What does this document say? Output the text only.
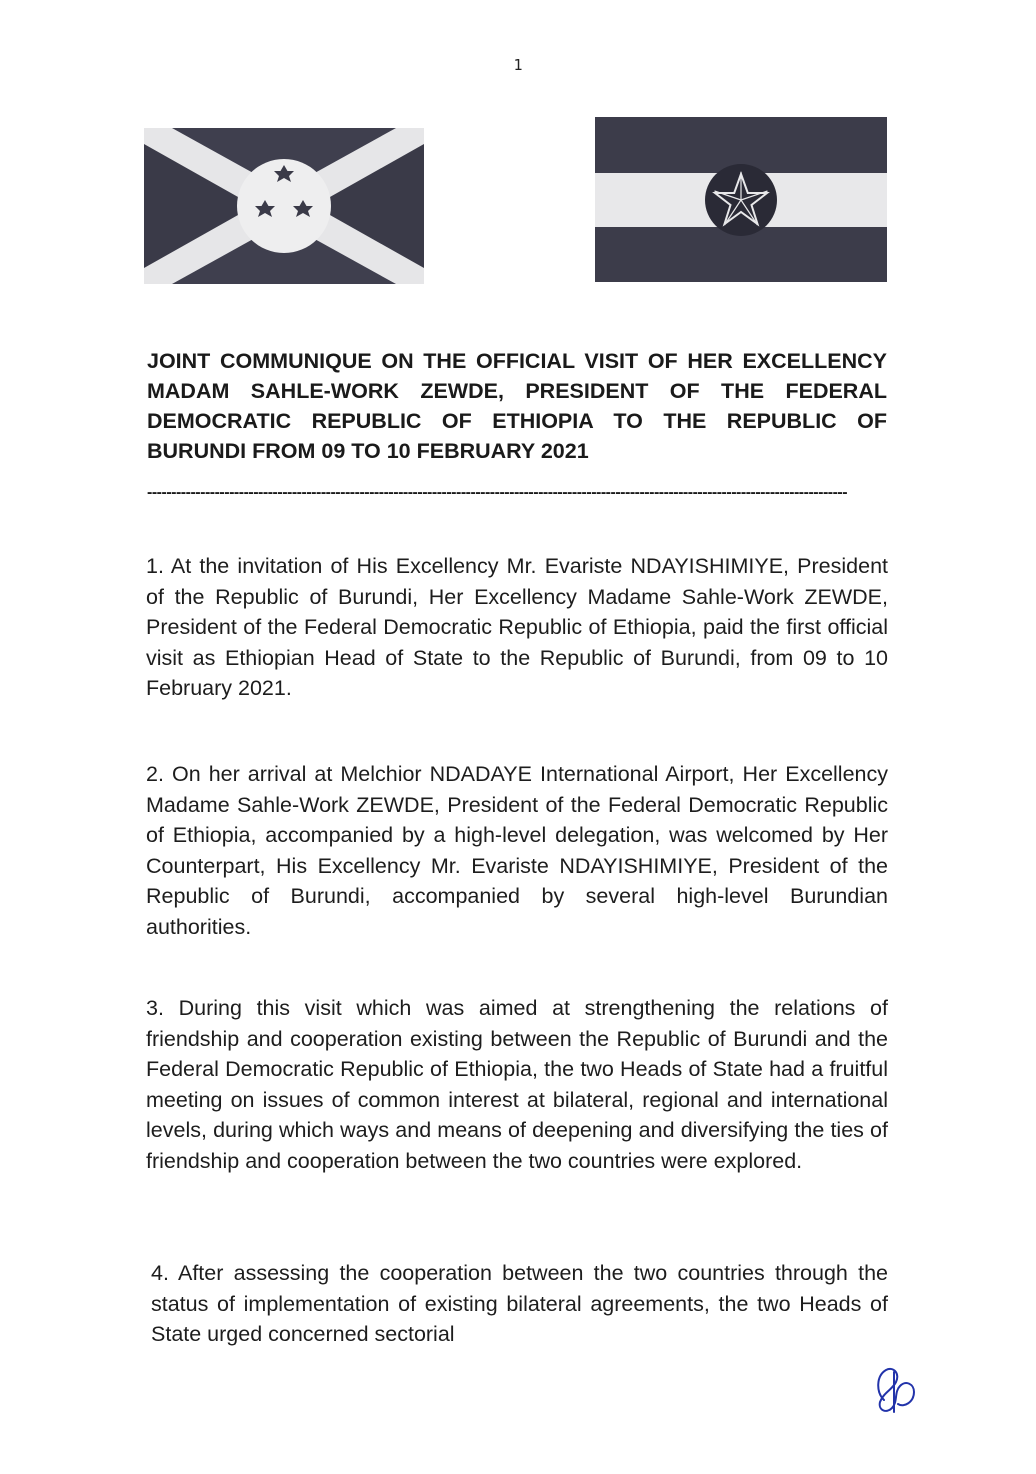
1
JOINT COMMUNIQUE ON THE OFFICIAL VISIT OF HER EXCELLENCY MADAM SAHLE-WORK ZEWDE, PRESIDENT OF THE FEDERAL DEMOCRATIC REPUBLIC OF ETHIOPIA TO THE REPUBLIC OF BURUNDI FROM 09 TO 10 FEBRUARY 2021
-------------------------------------------------------------------------------------------------------------------------------------------------

1. At the invitation of His Excellency Mr. Evariste NDAYISHIMIYE, President of the Republic of Burundi, Her Excellency Madame Sahle-Work ZEWDE, President of the Federal Democratic Republic of Ethiopia, paid the first official visit as Ethiopian Head of State to the Republic of Burundi, from 09 to 10 February 2021.

2. On her arrival at Melchior NDADAYE International Airport, Her Excellency Madame Sahle-Work ZEWDE, President of the Federal Democratic Republic of Ethiopia, accompanied by a high-level delegation, was welcomed by Her Counterpart, His Excellency Mr. Evariste NDAYISHIMIYE, President of the Republic of Burundi, accompanied by several high-level Burundian authorities.

3. During this visit which was aimed at strengthening the relations of friendship and cooperation existing between the Republic of Burundi and the Federal Democratic Republic of Ethiopia, the two Heads of State had a fruitful meeting on issues of common interest at bilateral, regional and international levels, during which ways and means of deepening and diversifying the ties of friendship and cooperation between the two countries were explored.

4. After assessing the cooperation between the two countries through the status of implementation of existing bilateral agreements, the two Heads of State urged concerned sectorial
